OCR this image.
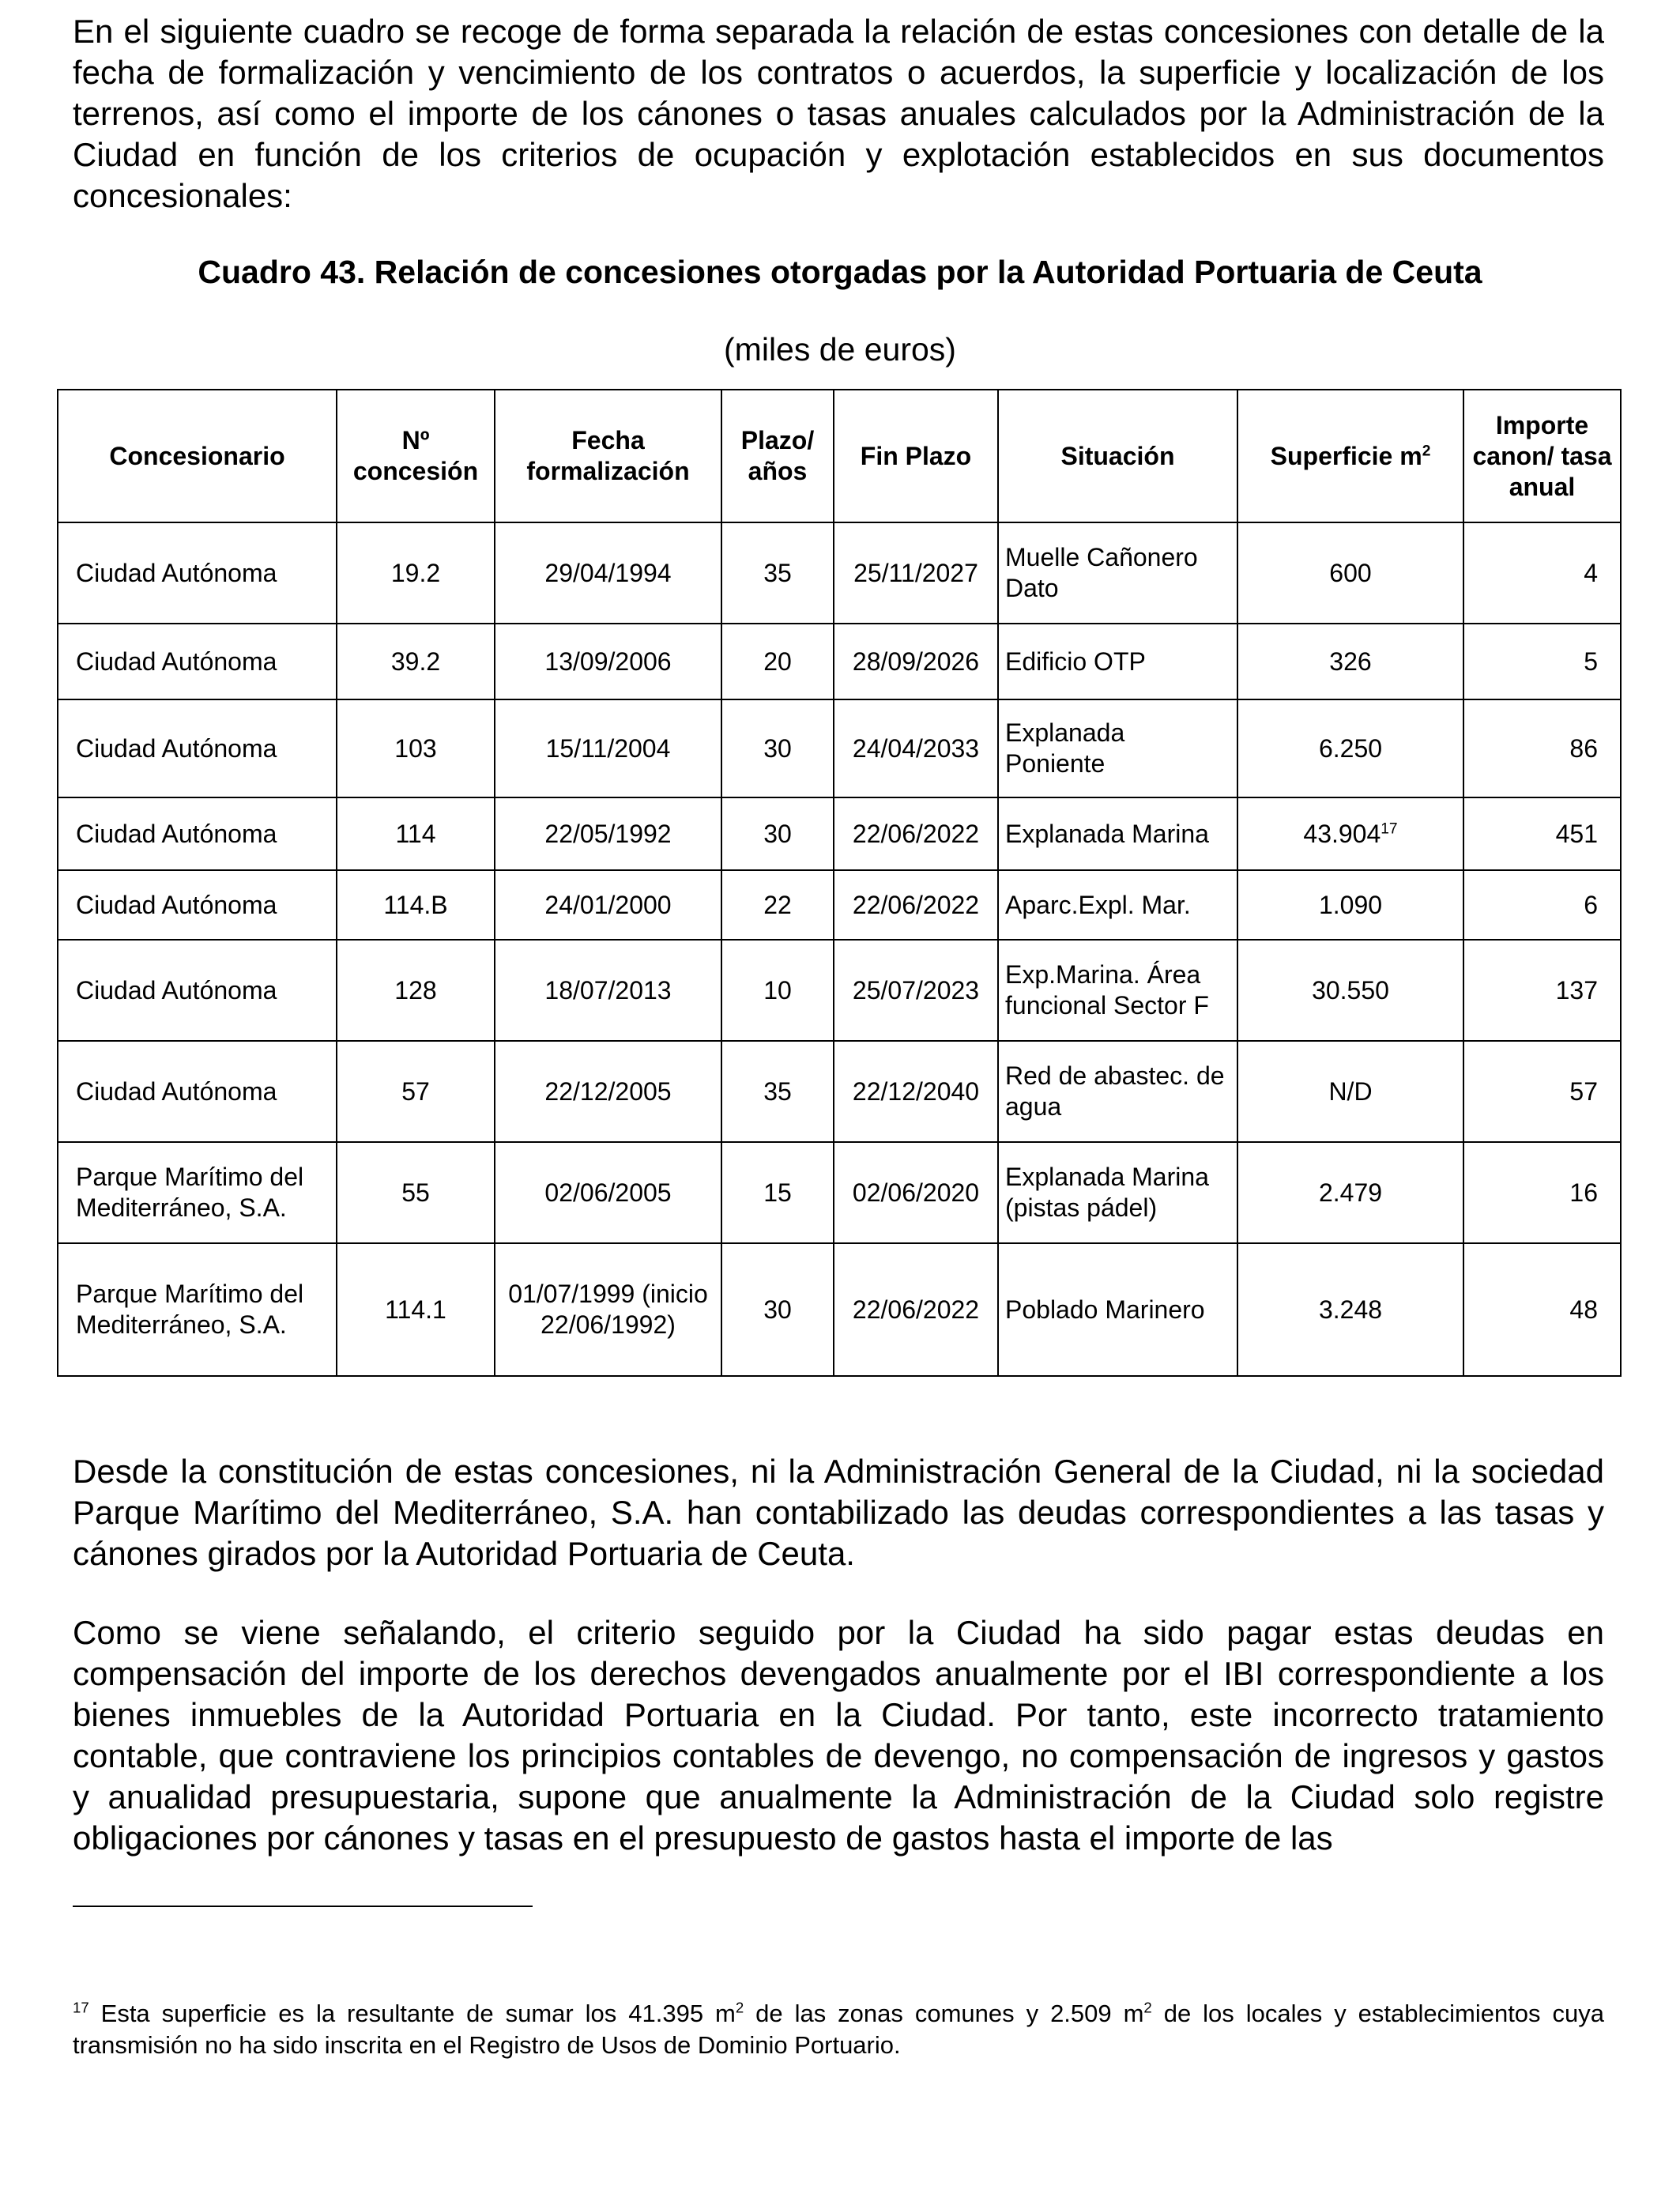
En el siguiente cuadro se recoge de forma separada la relación de estas concesiones con detalle de la fecha de formalización y vencimiento de los contratos o acuerdos, la superficie y localización de los terrenos, así como el importe de los cánones o tasas anuales calculados por la Administración de la Ciudad en función de los criterios de ocupación y explotación establecidos en sus documentos concesionales:

Cuadro 43. Relación de concesiones otorgadas por la Autoridad Portuaria de Ceuta

(miles de euros)

Concesionario	Nº concesión	Fecha formalización	Plazo/ años	Fin Plazo	Situación	Superficie $m^2$	Importe canon/ tasa anual
Ciudad Autónoma	19.2	29/04/1994	35	25/11/2027	Muelle Cañonero Dato	600	4
Ciudad Autónoma	39.2	13/09/2006	20	28/09/2026	Edificio OTP	326	5
Ciudad Autónoma	103	15/11/2004	30	24/04/2033	Explanada Poniente	6.250	86
Ciudad Autónoma	114	22/05/1992	30	22/06/2022	Explanada Marina	43.904$^{17}$	451
Ciudad Autónoma	114.B	24/01/2000	22	22/06/2022	Aparc.Expl. Mar.	1.090	6
Ciudad Autónoma	128	18/07/2013	10	25/07/2023	Exp.Marina. Área funcional Sector F	30.550	137
Ciudad Autónoma	57	22/12/2005	35	22/12/2040	Red de abastec. de agua	N/D	57
Parque Marítimo del Mediterráneo, S.A.	55	02/06/2005	15	02/06/2020	Explanada Marina (pistas pádel)	2.479	16
Parque Marítimo del Mediterráneo, S.A.	114.1	01/07/1999 (inicio 22/06/1992)	30	22/06/2022	Poblado Marinero	3.248	48

Desde la constitución de estas concesiones, ni la Administración General de la Ciudad, ni la sociedad Parque Marítimo del Mediterráneo, S.A. han contabilizado las deudas correspondientes a las tasas y cánones girados por la Autoridad Portuaria de Ceuta.

Como se viene señalando, el criterio seguido por la Ciudad ha sido pagar estas deudas en compensación del importe de los derechos devengados anualmente por el IBI correspondiente a los bienes inmuebles de la Autoridad Portuaria en la Ciudad. Por tanto, este incorrecto tratamiento contable, que contraviene los principios contables de devengo, no compensación de ingresos y gastos y anualidad presupuestaria, supone que anualmente la Administración de la Ciudad solo registre obligaciones por cánones y tasas en el presupuesto de gastos hasta el importe de las

$^{17}$ Esta superficie es la resultante de sumar los 41.395 $m^2$ de las zonas comunes y 2.509 $m^2$ de los locales y establecimientos cuya transmisión no ha sido inscrita en el Registro de Usos de Dominio Portuario.
